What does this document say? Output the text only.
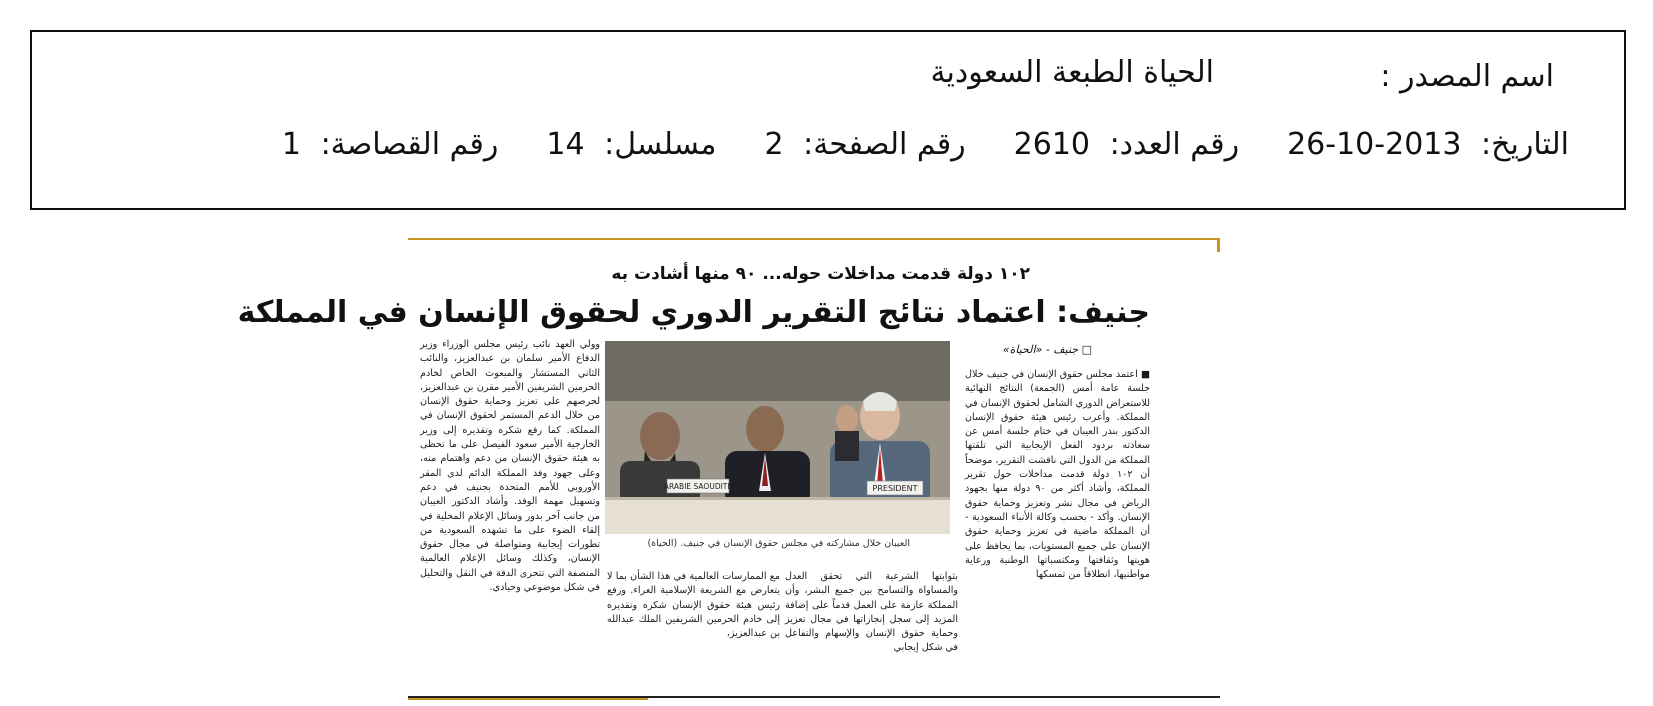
اسم المصدر :
الحياة الطبعة السعودية
التاريخ: 2013-10-26
رقم العدد: 2610
رقم الصفحة: 2
مسلسل: 14
رقم القصاصة: 1
١٠٢ دولة قدمت مداخلات حوله... ٩٠ منها أشادت به
جنيف: اعتماد نتائج التقرير الدوري لحقوق الإنسان في المملكة
□ جنيف - «الحياة»

■ اعتمد مجلس حقوق الإنسان في جنيف خلال جلسة عامة أمس (الجمعة) النتائج النهائية للاستعراض الدوري الشامل لحقوق الإنسان في المملكة. وأعرب رئيس هيئة حقوق الإنسان الدكتور بندر العيبان في ختام جلسة أمس عن سعادته بردود الفعل الإيجابية التي تلقتها المملكة من الدول التي ناقشت التقرير، موضحاً أن ١٠٢ دولة قدمت مداخلات حول تقرير المملكة، وأشاد أكثر من ٩٠ دولة منها بجهود الرياض في مجال نشر وتعزيز وحماية حقوق الإنسان. وأكد - بحسب وكالة الأنباء السعودية - أن المملكة ماضية في تعزيز وحماية حقوق الإنسان على جميع المستويات، بما يحافظ على هويتها وثقافتها ومكتسباتها الوطنية ورعاية مواطنيها، انطلاقاً من تمسكها

ARABIE SAOUDITE	PRESIDENT
العيبان خلال مشاركته في مجلس حقوق الإنسان في جنيف. (الحياة)

بثوابتها الشرعية التي تحقق العدل والمساواة والتسامح بين جميع البشر، وأن المملكة عازمة على العمل قدماً على إضافة المزيد إلى سجل إنجازاتها في مجال تعزيز وحماية حقوق الإنسان والإسهام والتفاعل في شكل إيجابي

مع الممارسات العالمية في هذا الشأن بما لا يتعارض مع الشريعة الإسلامية الغراء. ورفع رئيس هيئة حقوق الإنسان شكره وتقديره إلى خادم الحرمين الشريفين الملك عبدالله بن عبدالعزيز،

وولي العهد نائب رئيس مجلس الوزراء وزير الدفاع الأمير سلمان بن عبدالعزيز، والنائب الثاني المستشار والمبعوث الخاص لخادم الحرمين الشريفين الأمير مقرن بن عبدالعزيز، لحرصهم على تعزيز وحماية حقوق الإنسان من خلال الدعم المستمر لحقوق الإنسان في المملكة. كما رفع شكره وتقديره إلى وزير الخارجية الأمير سعود الفيصل على ما تحظى به هيئة حقوق الإنسان من دعم واهتمام منه، وعلى جهود وفد المملكة الدائم لدى المقر الأوروبي للأمم المتحدة بجنيف في دعم وتسهيل مهمة الوفد. وأشاد الدكتور العيبان من جانب آخر بدور وسائل الإعلام المحلية في إلقاء الضوء على ما تشهده السعودية من تطورات إيجابية ومتواصلة في مجال حقوق الإنسان، وكذلك وسائل الإعلام العالمية المنصفة التي تتحرى الدقة في النقل والتحليل في شكل موضوعي وحيادي.
